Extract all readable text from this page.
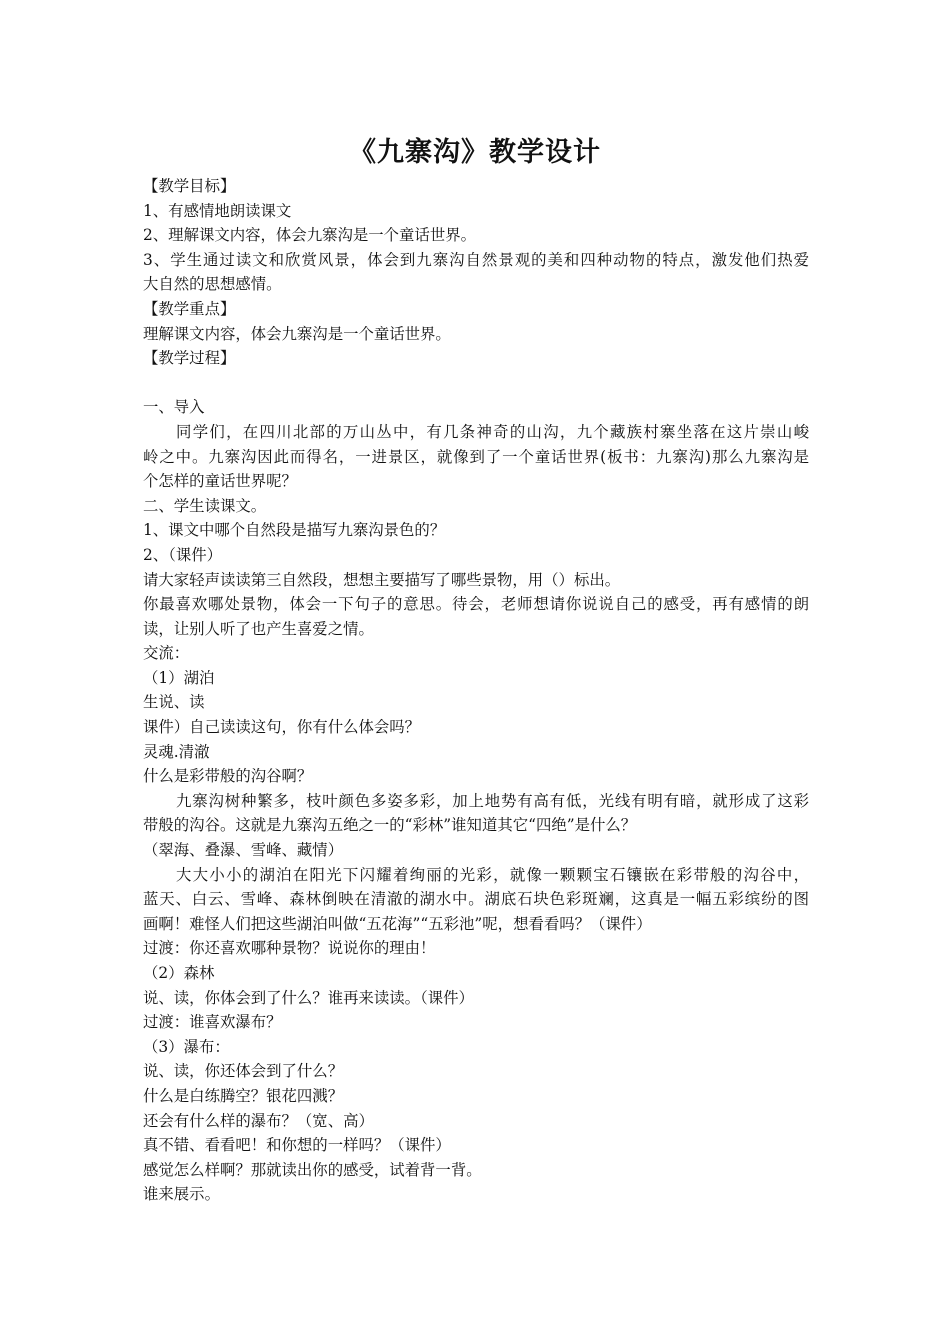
《九寨沟》教学设计
【教学目标】
1、有感情地朗读课文
2、理解课文内容，体会九寨沟是一个童话世界。
3、学生通过读文和欣赏风景，体会到九寨沟自然景观的美和四种动物的特点，激发他们热爱
大自然的思想感情。
【教学重点】
理解课文内容，体会九寨沟是一个童话世界。
【教学过程】
一、导入
同学们，在四川北部的万山丛中，有几条神奇的山沟，九个藏族村寨坐落在这片崇山峻
岭之中。九寨沟因此而得名，一进景区，就像到了一个童话世界(板书：九寨沟)那么九寨沟是
个怎样的童话世界呢？
二、学生读课文。
1、课文中哪个自然段是描写九寨沟景色的？
2、（课件）
请大家轻声读读第三自然段，想想主要描写了哪些景物，用（）标出。
你最喜欢哪处景物，体会一下句子的意思。待会，老师想请你说说自己的感受，再有感情的朗
读，让别人听了也产生喜爱之情。
交流：
（1）湖泊
生说、读
课件）自己读读这句，你有什么体会吗？
灵魂.清澈
什么是彩带般的沟谷啊？
九寨沟树种繁多，枝叶颜色多姿多彩，加上地势有高有低，光线有明有暗，就形成了这彩
带般的沟谷。这就是九寨沟五绝之一的“彩林”谁知道其它“四绝”是什么？
（翠海、叠瀑、雪峰、藏情）
大大小小的湖泊在阳光下闪耀着绚丽的光彩，就像一颗颗宝石镶嵌在彩带般的沟谷中，
蓝天、白云、雪峰、森林倒映在清澈的湖水中。湖底石块色彩斑斓，这真是一幅五彩缤纷的图
画啊！难怪人们把这些湖泊叫做“五花海”“五彩池”呢，想看看吗？（课件）
过渡：你还喜欢哪种景物？说说你的理由！
（2）森林
说、读，你体会到了什么？谁再来读读。（课件）
过渡：谁喜欢瀑布？
（3）瀑布：
说、读，你还体会到了什么？
什么是白练腾空？银花四溅？
还会有什么样的瀑布？（宽、高）
真不错、看看吧！和你想的一样吗？（课件）
感觉怎么样啊？那就读出你的感受，试着背一背。
谁来展示。
